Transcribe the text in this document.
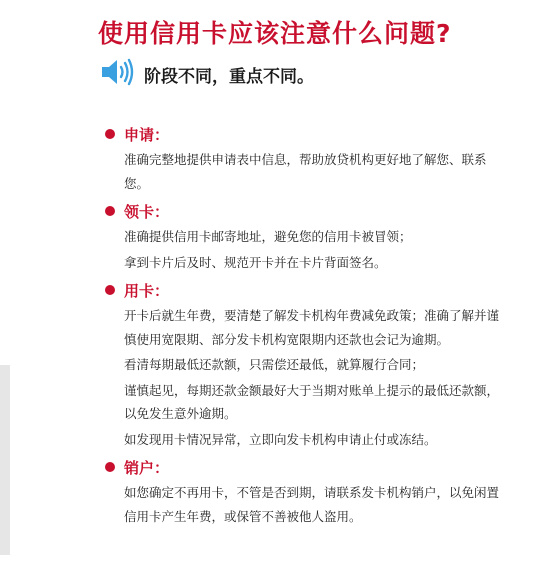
使用信用卡应该注意什么问题?
阶段不同，重点不同。
申请：

准确完整地提供申请表中信息，帮助放贷机构更好地了解您、联系您。

领卡：

准确提供信用卡邮寄地址，避免您的信用卡被冒领；

拿到卡片后及时、规范开卡并在卡片背面签名。

用卡：

开卡后就生年费，要清楚了解发卡机构年费减免政策；准确了解并谨慎使用宽限期、部分发卡机构宽限期内还款也会记为逾期。

看清每期最低还款额，只需偿还最低，就算履行合同；

谨慎起见，每期还款金额最好大于当期对账单上提示的最低还款额，以免发生意外逾期。

如发现用卡情况异常，立即向发卡机构申请止付或冻结。

销户：

如您确定不再用卡，不管是否到期，请联系发卡机构销户，以免闲置信用卡产生年费，或保管不善被他人盗用。
